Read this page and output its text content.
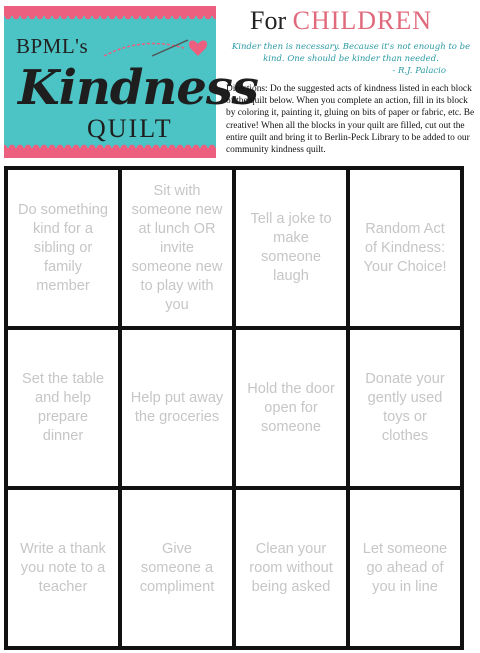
BPML's
Kindness
QUILT
For CHILDREN
Kinder then is necessary. Because it's not enough to be kind. One should be kinder than needed.
- R.J. Palacio
Directions: Do the suggested acts of kindness listed in each block of the quilt below. When you complete an action, fill in its block by coloring it, painting it, gluing on bits of paper or fabric, etc. Be creative! When all the blocks in your quilt are filled, cut out the entire quilt and bring it to Berlin-Peck Library to be added to our community kindness quilt.
Do something kind for a sibling or family member
Sit with someone new at lunch OR invite someone new to play with you
Tell a joke to make someone laugh
Random Act of Kindness: Your Choice!
Set the table and help prepare dinner
Help put away the groceries
Hold the door open for someone
Donate your gently used toys or clothes
Write a thank you note to a teacher
Give someone a compliment
Clean your room without being asked
Let someone go ahead of you in line
